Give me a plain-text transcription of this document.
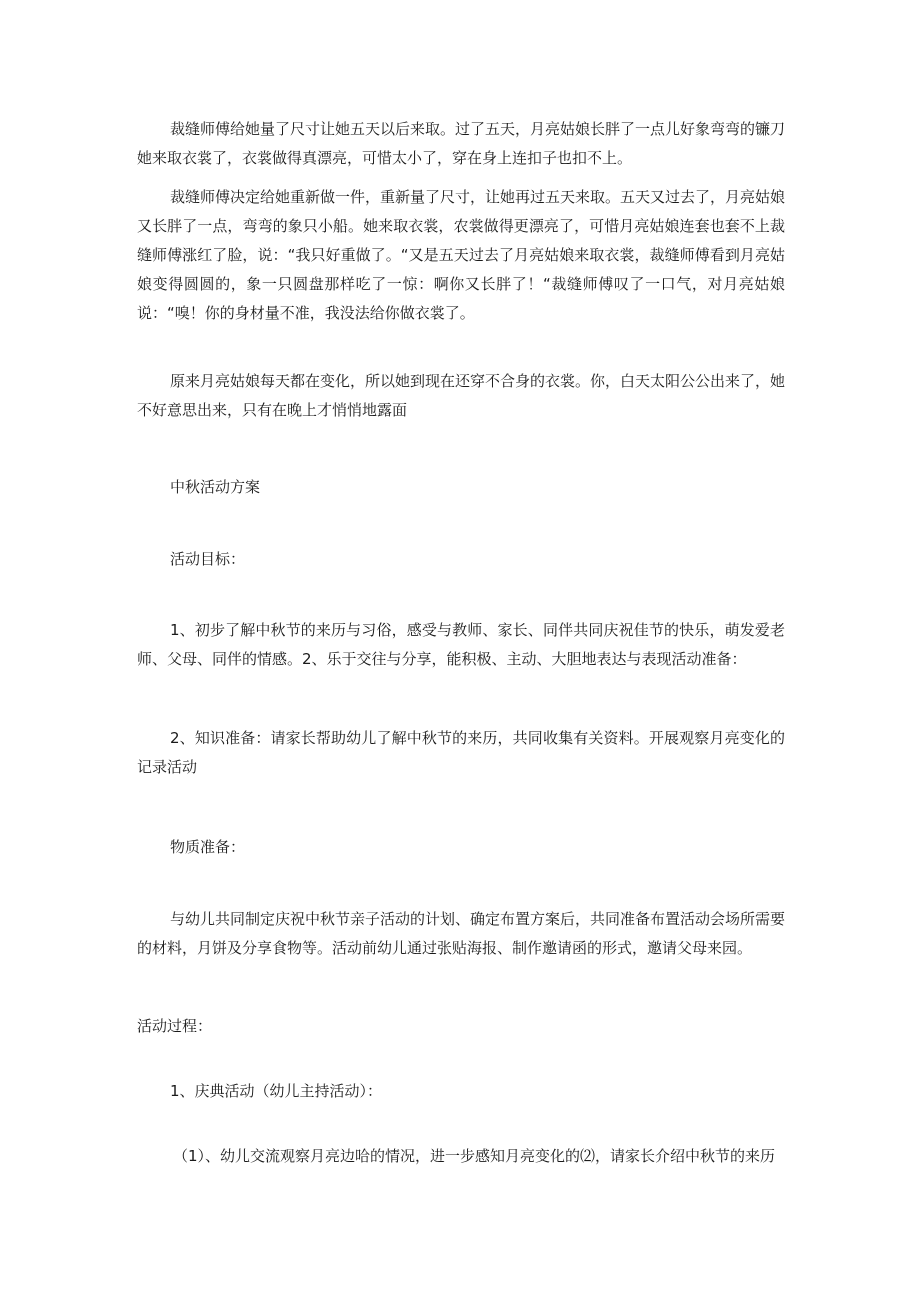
裁缝师傅给她量了尺寸让她五天以后来取。过了五天，月亮姑娘长胖了一点儿好象弯弯的镰刀她来取衣裳了，衣裳做得真漂亮，可惜太小了，穿在身上连扣子也扣不上。

裁缝师傅决定给她重新做一件，重新量了尺寸，让她再过五天来取。五天又过去了，月亮姑娘又长胖了一点，弯弯的象只小船。她来取衣裳，农裳做得更漂亮了，可惜月亮姑娘连套也套不上裁缝师傅涨红了脸，说：“我只好重做了。“又是五天过去了月亮姑娘来取衣裳，裁缝师傅看到月亮姑娘变得圆圆的，象一只圆盘那样吃了一惊：啊你又长胖了！“裁缝师傅叹了一口气，对月亮姑娘说：“嗅！你的身材量不准，我没法给你做衣裳了。

原来月亮姑娘每天都在变化，所以她到现在还穿不合身的衣裳。你，白天太阳公公出来了，她不好意思出来，只有在晚上才悄悄地露面

中秋活动方案

活动目标：

1、初步了解中秋节的来历与习俗，感受与教师、家长、同伴共同庆祝佳节的快乐，萌发爱老师、父母、同伴的情感。2、乐于交往与分享，能积极、主动、大胆地表达与表现活动准备：

2、知识准备：请家长帮助幼儿了解中秋节的来历，共同收集有关资料。开展观察月亮变化的记录活动

物质准备：

与幼儿共同制定庆祝中秋节亲子活动的计划、确定布置方案后，共同准备布置活动会场所需要的材料，月饼及分享食物等。活动前幼儿通过张贴海报、制作邀请函的形式，邀请父母来园。

活动过程：

1、庆典活动（幼儿主持活动）：

（1）、幼儿交流观察月亮边哈的情况，进一步感知月亮变化的⑵，请家长介绍中秋节的来历
